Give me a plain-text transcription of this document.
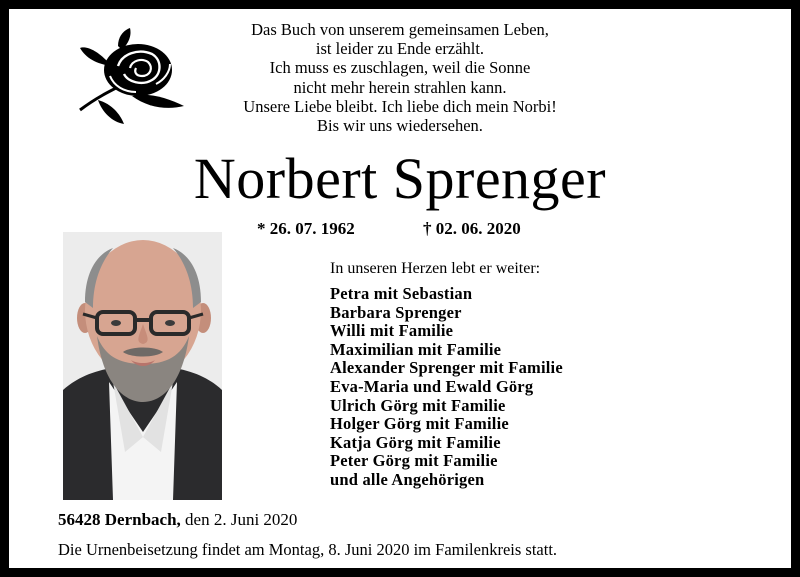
Das Buch von unserem gemeinsamen Leben,
ist leider zu Ende erzählt.
Ich muss es zuschlagen, weil die Sonne
nicht mehr herein strahlen kann.
Unsere Liebe bleibt. Ich liebe dich mein Norbi!
Bis wir uns wiedersehen.
Norbert Sprenger
* 26. 07. 1962	† 02. 06. 2020
In unseren Herzen lebt er weiter:
Petra mit Sebastian
Barbara Sprenger
Willi mit Familie
Maximilian mit Familie
Alexander Sprenger mit Familie
Eva-Maria und Ewald Görg
Ulrich Görg mit Familie
Holger Görg mit Familie
Katja Görg mit Familie
Peter Görg mit Familie
und alle Angehörigen
56428 Dernbach, den 2. Juni 2020
Die Urnenbeisetzung findet am Montag, 8. Juni 2020 im Familenkreis statt.
